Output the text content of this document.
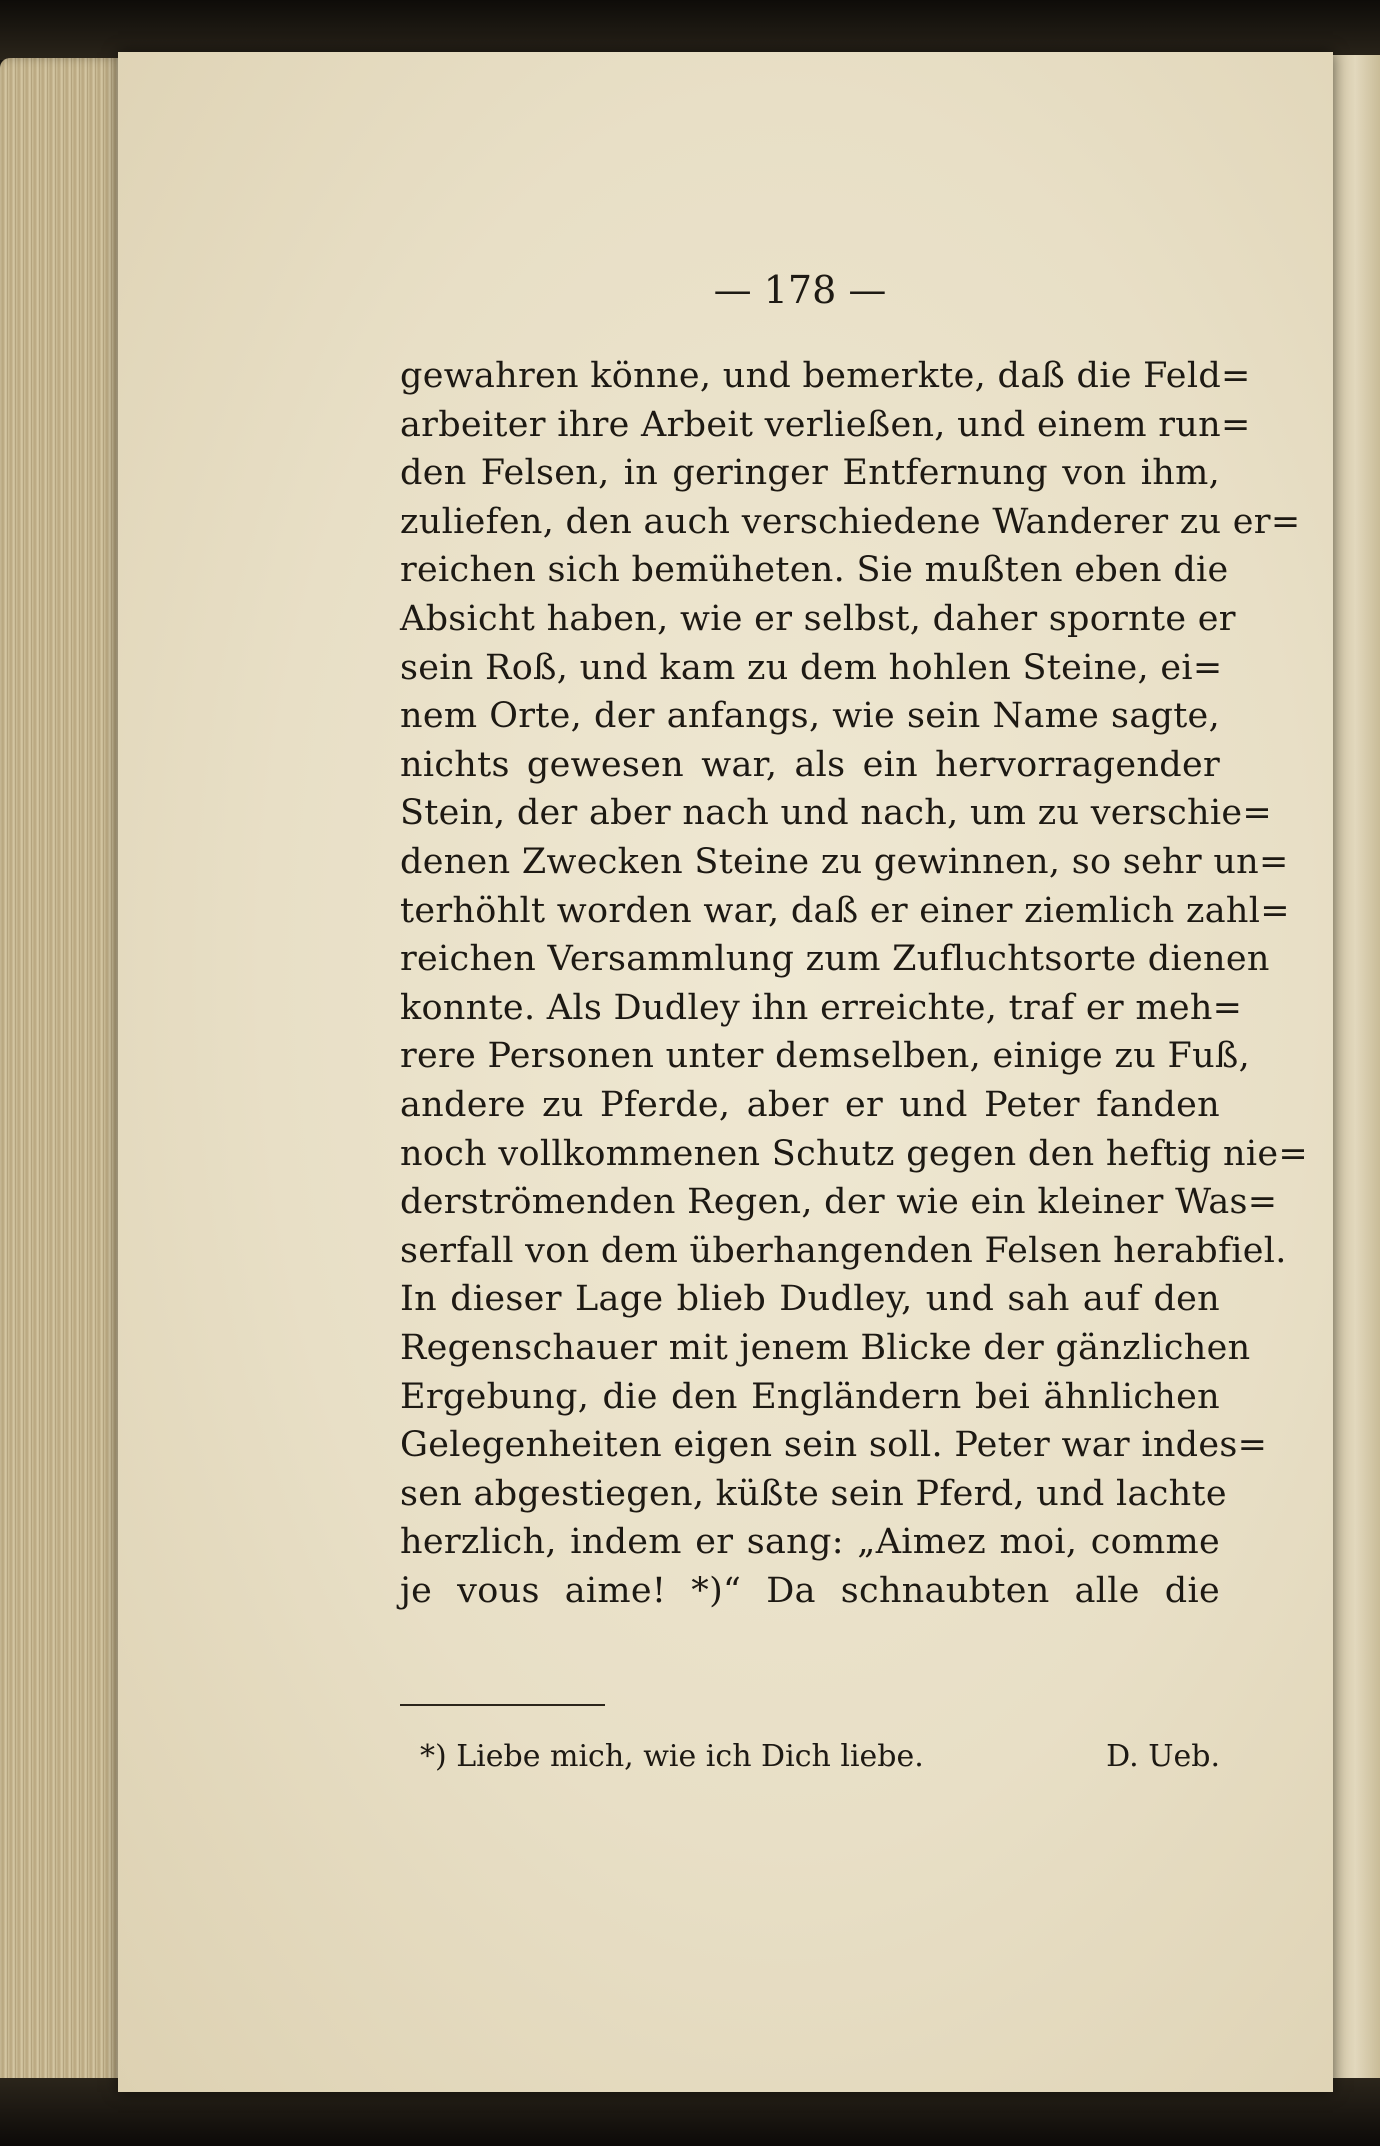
— 178 —
gewahren könne, und bemerkte, daß die Feld=
arbeiter ihre Arbeit verließen, und einem run=
den Felsen, in geringer Entfernung von ihm,
zuliefen, den auch verschiedene Wanderer zu er=
reichen sich bemüheten. Sie mußten eben die
Absicht haben, wie er selbst, daher spornte er
sein Roß, und kam zu dem hohlen Steine, ei=
nem Orte, der anfangs, wie sein Name sagte,
nichts gewesen war, als ein hervorragender
Stein, der aber nach und nach, um zu verschie=
denen Zwecken Steine zu gewinnen, so sehr un=
terhöhlt worden war, daß er einer ziemlich zahl=
reichen Versammlung zum Zufluchtsorte dienen
konnte. Als Dudley ihn erreichte, traf er meh=
rere Personen unter demselben, einige zu Fuß,
andere zu Pferde, aber er und Peter fanden
noch vollkommenen Schutz gegen den heftig nie=
derströmenden Regen, der wie ein kleiner Was=
serfall von dem überhangenden Felsen herabfiel.
In dieser Lage blieb Dudley, und sah auf den
Regenschauer mit jenem Blicke der gänzlichen
Ergebung, die den Engländern bei ähnlichen
Gelegenheiten eigen sein soll. Peter war indes=
sen abgestiegen, küßte sein Pferd, und lachte
herzlich, indem er sang: „Aimez moi, comme
je vous aime! *)“ Da schnaubten alle die
*) Liebe mich, wie ich Dich liebe.	D. Ueb.
